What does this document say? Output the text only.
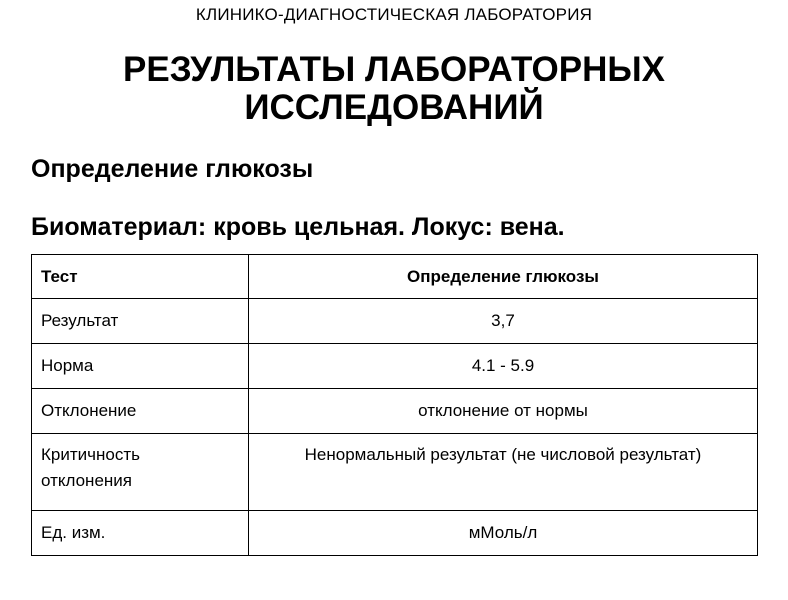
КЛИНИКО-ДИАГНОСТИЧЕСКАЯ ЛАБОРАТОРИЯ
РЕЗУЛЬТАТЫ ЛАБОРАТОРНЫХ
ИССЛЕДОВАНИЙ
Определение глюкозы
Биоматериал: кровь цельная. Локус: вена.
Тест	Определение глюкозы
Результат	3,7
Норма	4.1 - 5.9
Отклонение	отклонение от нормы

Критичность
отклонения	Ненормальный результат (не числовой результат)
Ед. изм.	мМоль/л
